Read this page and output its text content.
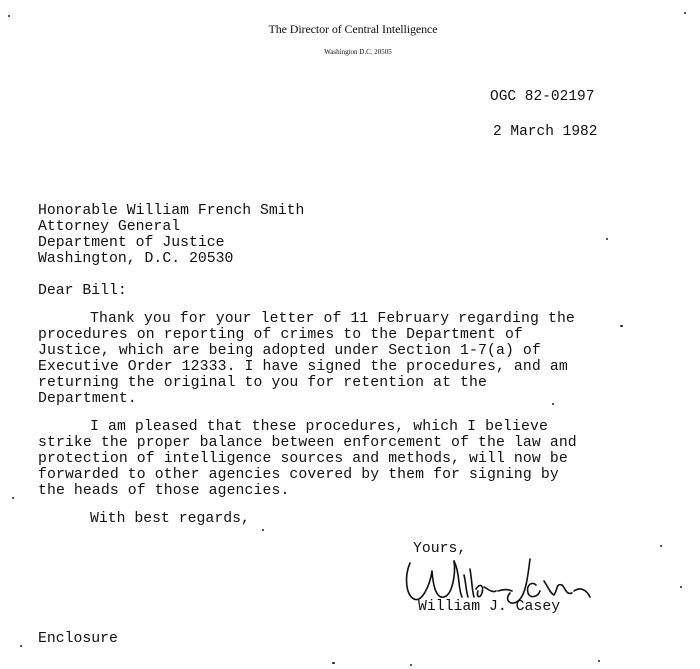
The Director of Central Intelligence
Washington D.C. 20505
OGC 82-02197
2 March 1982
Honorable William French Smith
Attorney General
Department of Justice
Washington, D.C. 20530
Dear Bill:
Thank you for your letter of 11 February regarding the
procedures on reporting of crimes to the Department of
Justice, which are being adopted under Section 1-7(a) of
Executive Order 12333. I have signed the procedures, and am
returning the original to you for retention at the
Department.
I am pleased that these procedures, which I believe
strike the proper balance between enforcement of the law and
protection of intelligence sources and methods, will now be
forwarded to other agencies covered by them for signing by
the heads of those agencies.
With best regards,
Yours,
William J. Casey
Enclosure
